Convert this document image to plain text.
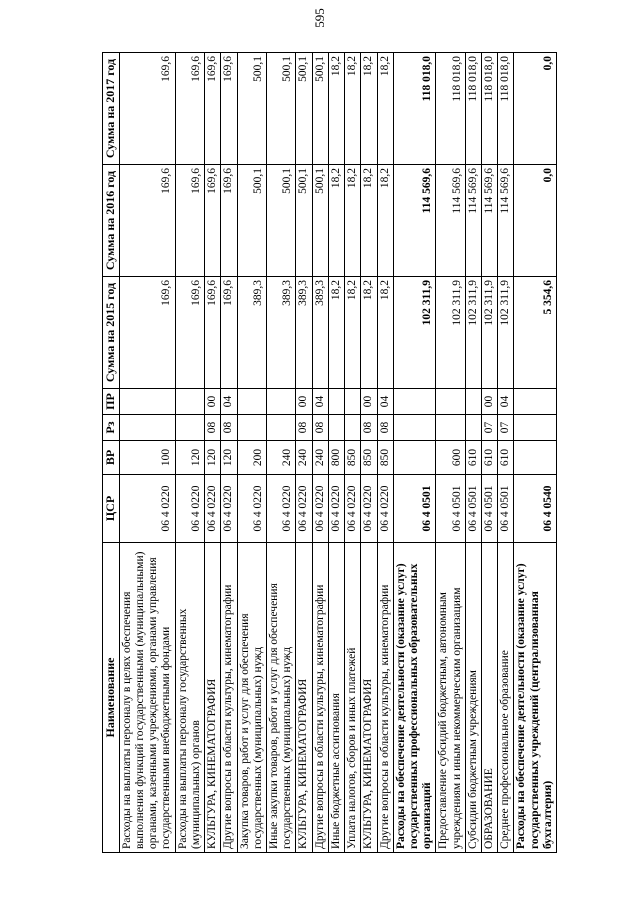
595
Наименование	ЦСР	ВР	Рз	ПР	Сумма на 2015 год	Сумма на 2016 год	Сумма на 2017 год
Расходы на выплаты персоналу в целях обеспечения выполнения функций государственными (муниципальными) органами, казенными учреждениями, органами управления государственными внебюджетными фондами	06 4 0220	100			169,6	169,6	169,6
Расходы на выплаты персоналу государственных (муниципальных) органов	06 4 0220	120			169,6	169,6	169,6
КУЛЬТУРА, КИНЕМАТОГРАФИЯ	06 4 0220	120	08	00	169,6	169,6	169,6
Другие вопросы в области культуры, кинематографии	06 4 0220	120	08	04	169,6	169,6	169,6
Закупка товаров, работ и услуг для обеспечения государственных (муниципальных) нужд	06 4 0220	200			389,3	500,1	500,1
Иные закупки товаров, работ и услуг для обеспечения государственных (муниципальных) нужд	06 4 0220	240			389,3	500,1	500,1
КУЛЬТУРА, КИНЕМАТОГРАФИЯ	06 4 0220	240	08	00	389,3	500,1	500,1
Другие вопросы в области культуры, кинематографии	06 4 0220	240	08	04	389,3	500,1	500,1
Иные бюджетные ассигнования	06 4 0220	800			18,2	18,2	18,2
Уплата налогов, сборов и иных платежей	06 4 0220	850			18,2	18,2	18,2
КУЛЬТУРА, КИНЕМАТОГРАФИЯ	06 4 0220	850	08	00	18,2	18,2	18,2
Другие вопросы в области культуры, кинематографии	06 4 0220	850	08	04	18,2	18,2	18,2
Расходы на обеспечение деятельности (оказание услуг) государственных профессиональных образовательных организаций	06 4 0501				102 311,9	114 569,6	118 018,0
Предоставление субсидий бюджетным, автономным учреждениям и иным некоммерческим организациям	06 4 0501	600			102 311,9	114 569,6	118 018,0
Субсидии бюджетным учреждениям	06 4 0501	610			102 311,9	114 569,6	118 018,0
ОБРАЗОВАНИЕ	06 4 0501	610	07	00	102 311,9	114 569,6	118 018,0
Среднее профессиональное образование	06 4 0501	610	07	04	102 311,9	114 569,6	118 018,0
Расходы на обеспечение деятельности (оказание услуг) государственных учреждений (централизованная бухгалтерия)	06 4 0540				5 354,6	0,0	0,0
